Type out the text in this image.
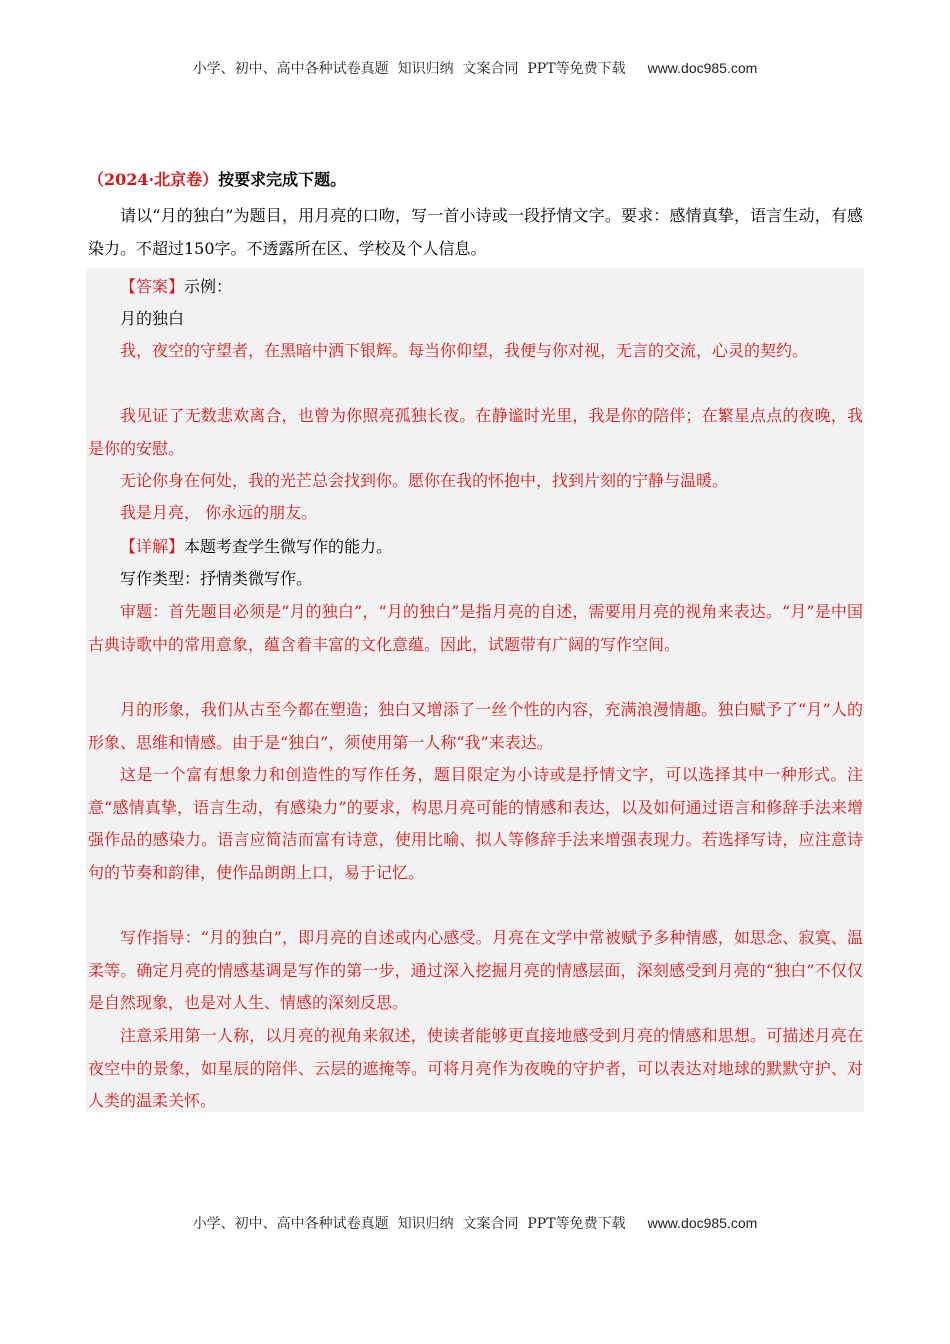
小学、初中、高中各种试卷真题  知识归纳  文案合同  PPT等免费下载 www.doc985.com
（2024·北京卷）按要求完成下题。
请以“月的独白”为题目，用月亮的口吻，写一首小诗或一段抒情文字。要求：感情真挚，语言生动，有感染力。不超过150字。不透露所在区、学校及个人信息。
【答案】示例：
月的独白
我，夜空的守望者，在黑暗中洒下银辉。每当你仰望，我便与你对视，无言的交流，心灵的契约。
我见证了无数悲欢离合，也曾为你照亮孤独长夜。在静谧时光里，我是你的陪伴；在繁星点点的夜晚，我是你的安慰。
无论你身在何处，我的光芒总会找到你。愿你在我的怀抱中，找到片刻的宁静与温暖。
我是月亮， 你永远的朋友。
【详解】本题考查学生微写作的能力。
写作类型：抒情类微写作。
审题：首先题目必须是“月的独白”，“月的独白”是指月亮的自述，需要用月亮的视角来表达。“月”是中国古典诗歌中的常用意象，蕴含着丰富的文化意蕴。因此，试题带有广阔的写作空间。
月的形象，我们从古至今都在塑造；独白又增添了一丝个性的内容，充满浪漫情趣。独白赋予了“月”人的形象、思维和情感。由于是“独白”，须使用第一人称“我”来表达。
这是一个富有想象力和创造性的写作任务，题目限定为小诗或是抒情文字，可以选择其中一种形式。注意“感情真挚，语言生动，有感染力”的要求，构思月亮可能的情感和表达，以及如何通过语言和修辞手法来增强作品的感染力。语言应简洁而富有诗意，使用比喻、拟人等修辞手法来增强表现力。若选择写诗，应注意诗句的节奏和韵律，使作品朗朗上口，易于记忆。
写作指导：“月的独白”，即月亮的自述或内心感受。月亮在文学中常被赋予多种情感，如思念、寂寞、温柔等。确定月亮的情感基调是写作的第一步，通过深入挖掘月亮的情感层面，深刻感受到月亮的“独白”不仅仅是自然现象，也是对人生、情感的深刻反思。
注意采用第一人称，以月亮的视角来叙述，使读者能够更直接地感受到月亮的情感和思想。可描述月亮在夜空中的景象，如星辰的陪伴、云层的遮掩等。可将月亮作为夜晚的守护者，可以表达对地球的默默守护、对人类的温柔关怀。
小学、初中、高中各种试卷真题  知识归纳  文案合同  PPT等免费下载 www.doc985.com
